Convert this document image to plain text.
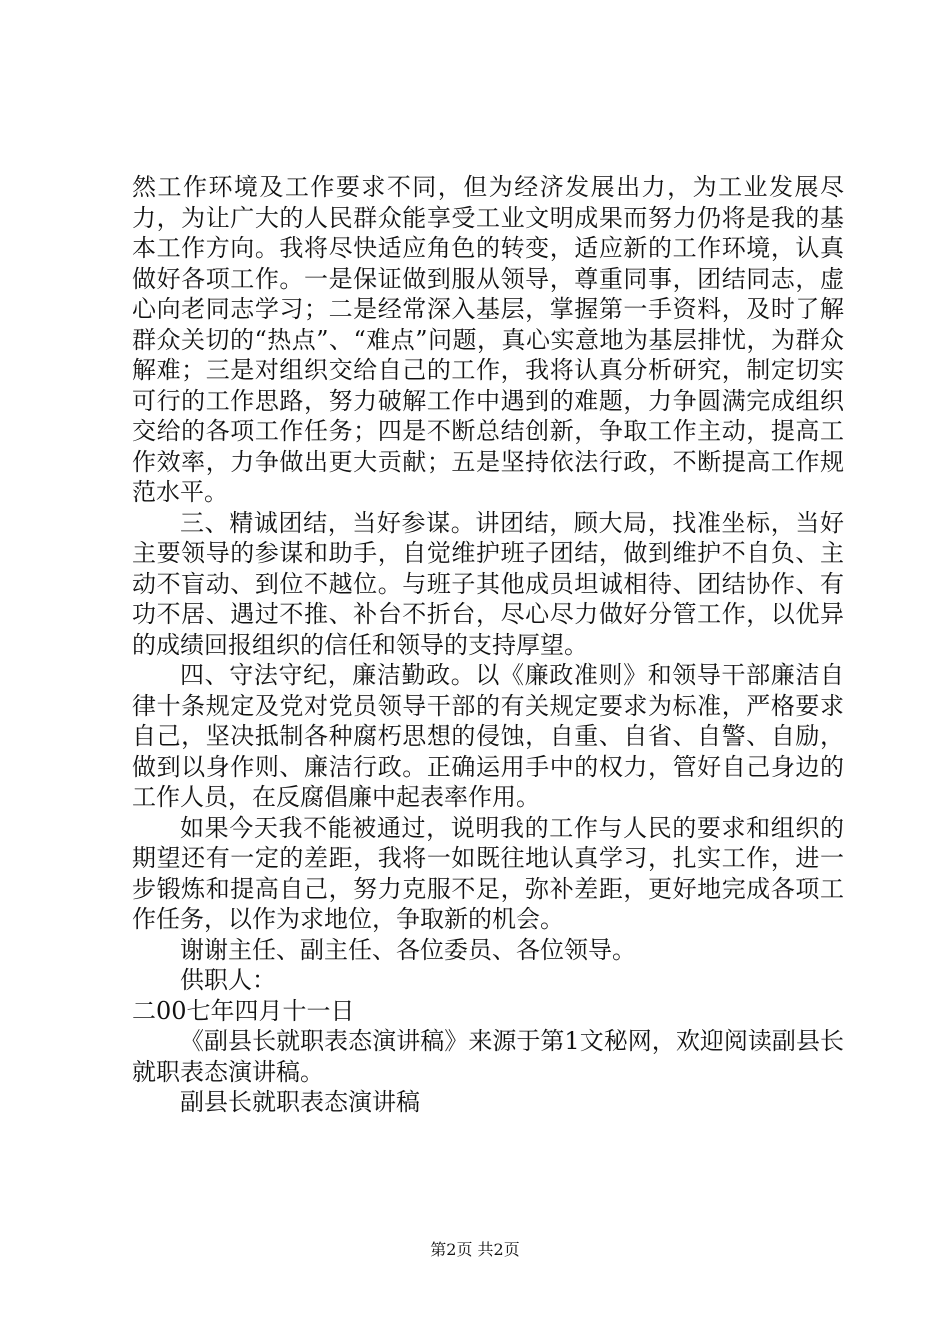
然工作环境及工作要求不同，但为经济发展出力，为工业发展尽力，为让广大的人民群众能享受工业文明成果而努力仍将是我的基本工作方向。我将尽快适应角色的转变，适应新的工作环境，认真做好各项工作。一是保证做到服从领导，尊重同事，团结同志，虚心向老同志学习；二是经常深入基层，掌握第一手资料，及时了解群众关切的“热点”、“难点”问题，真心实意地为基层排忧，为群众解难；三是对组织交给自己的工作，我将认真分析研究，制定切实可行的工作思路，努力破解工作中遇到的难题，力争圆满完成组织交给的各项工作任务；四是不断总结创新，争取工作主动，提高工作效率，力争做出更大贡献；五是坚持依法行政，不断提高工作规范水平。

三、精诚团结，当好参谋。讲团结，顾大局，找准坐标，当好主要领导的参谋和助手，自觉维护班子团结，做到维护不自负、主动不盲动、到位不越位。与班子其他成员坦诚相待、团结协作、有功不居、遇过不推、补台不折台，尽心尽力做好分管工作，以优异的成绩回报组织的信任和领导的支持厚望。

四、守法守纪，廉洁勤政。以《廉政准则》和领导干部廉洁自律十条规定及党对党员领导干部的有关规定要求为标准，严格要求自己，坚决抵制各种腐朽思想的侵蚀，自重、自省、自警、自励，做到以身作则、廉洁行政。正确运用手中的权力，管好自己身边的工作人员，在反腐倡廉中起表率作用。

如果今天我不能被通过，说明我的工作与人民的要求和组织的期望还有一定的差距，我将一如既往地认真学习，扎实工作，进一步锻炼和提高自己，努力克服不足，弥补差距，更好地完成各项工作任务，以作为求地位，争取新的机会。

谢谢主任、副主任、各位委员、各位领导。

供职人：

二00七年四月十一日

《副县长就职表态演讲稿》来源于第1文秘网，欢迎阅读副县长就职表态演讲稿。

副县长就职表态演讲稿

第2页 共2页
